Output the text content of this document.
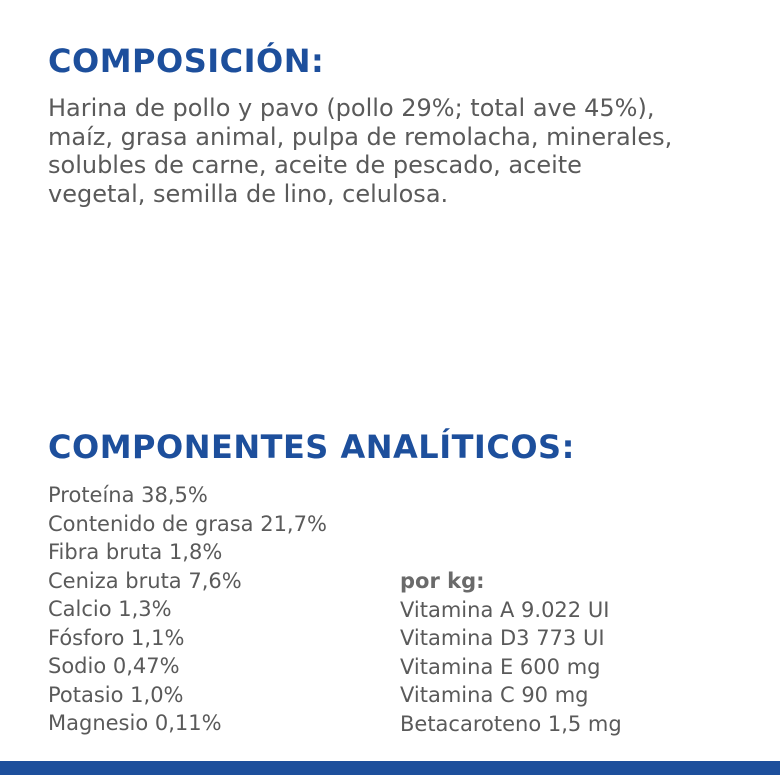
COMPOSICIÓN:
Harina de pollo y pavo (pollo 29%; total ave 45%),
maíz, grasa animal, pulpa de remolacha, minerales,
solubles de carne, aceite de pescado, aceite
vegetal, semilla de lino, celulosa.
COMPONENTES ANALÍTICOS:
Proteína 38,5%
Contenido de grasa 21,7%
Fibra bruta 1,8%
Ceniza bruta 7,6%
Calcio 1,3%
Fósforo 1,1%
Sodio 0,47%
Potasio 1,0%
Magnesio 0,11%
por kg:
Vitamina A 9.022 UI
Vitamina D3 773 UI
Vitamina E 600 mg
Vitamina C 90 mg
Betacaroteno 1,5 mg
